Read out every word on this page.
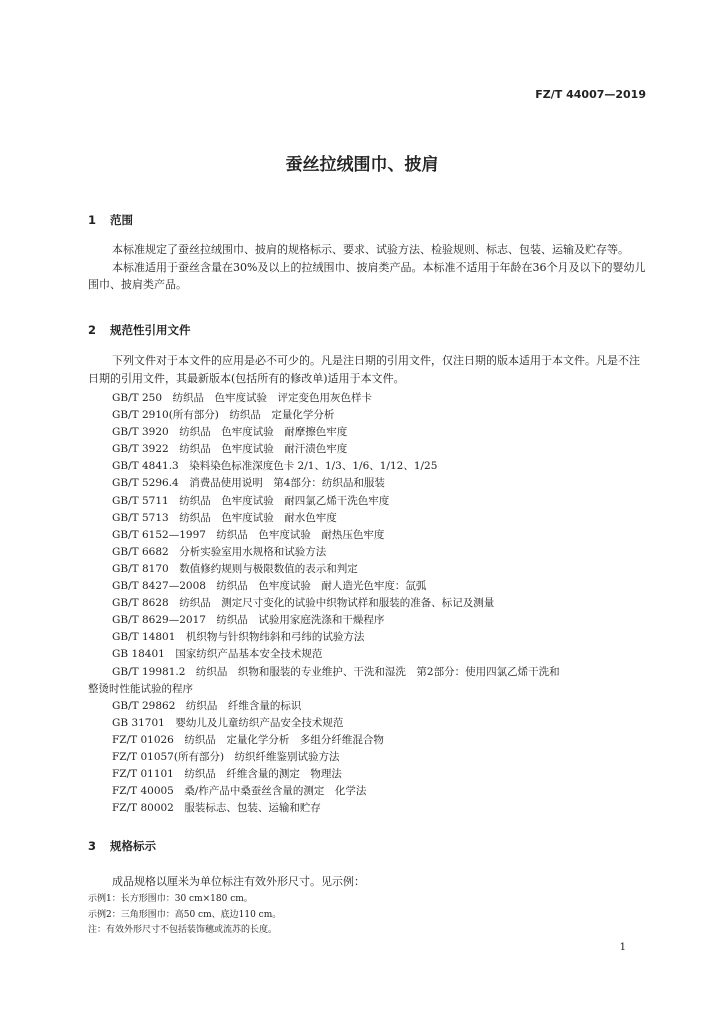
FZ/T 44007—2019
蚕丝拉绒围巾、披肩
1 范围

本标准规定了蚕丝拉绒围巾、披肩的规格标示、要求、试验方法、检验规则、标志、包装、运输及贮存等。

本标准适用于蚕丝含量在30%及以上的拉绒围巾、披肩类产品。本标准不适用于年龄在36个月及以下的婴幼儿围巾、披肩类产品。

2 规范性引用文件

下列文件对于本文件的应用是必不可少的。凡是注日期的引用文件，仅注日期的版本适用于本文件。凡是不注日期的引用文件，其最新版本(包括所有的修改单)适用于本文件。

GB/T 250　纺织品　色牢度试验　评定变色用灰色样卡
GB/T 2910(所有部分)　纺织品　定量化学分析
GB/T 3920　纺织品　色牢度试验　耐摩擦色牢度
GB/T 3922　纺织品　色牢度试验　耐汗渍色牢度
GB/T 4841.3　染料染色标准深度色卡 2/1、1/3、1/6、1/12、1/25
GB/T 5296.4　消费品使用说明　第4部分：纺织品和服装
GB/T 5711　纺织品　色牢度试验　耐四氯乙烯干洗色牢度
GB/T 5713　纺织品　色牢度试验　耐水色牢度
GB/T 6152—1997　纺织品　色牢度试验　耐热压色牢度
GB/T 6682　分析实验室用水规格和试验方法
GB/T 8170　数值修约规则与极限数值的表示和判定
GB/T 8427—2008　纺织品　色牢度试验　耐人造光色牢度：氙弧
GB/T 8628　纺织品　测定尺寸变化的试验中织物试样和服装的准备、标记及测量
GB/T 8629—2017　纺织品　试验用家庭洗涤和干燥程序
GB/T 14801　机织物与针织物纬斜和弓纬的试验方法
GB 18401　国家纺织产品基本安全技术规范
GB/T 19981.2　纺织品　织物和服装的专业维护、干洗和湿洗　第2部分：使用四氯乙烯干洗和
整烫时性能试验的程序
GB/T 29862　纺织品　纤维含量的标识
GB 31701　婴幼儿及儿童纺织产品安全技术规范
FZ/T 01026　纺织品　定量化学分析　多组分纤维混合物
FZ/T 01057(所有部分)　纺织纤维鉴别试验方法
FZ/T 01101　纺织品　纤维含量的测定　物理法
FZ/T 40005　桑/柞产品中桑蚕丝含量的测定　化学法
FZ/T 80002　服装标志、包装、运输和贮存
3 规格标示

成品规格以厘米为单位标注有效外形尺寸。见示例：

示例1：长方形围巾：30 cm×180 cm。

示例2：三角形围巾：高50 cm、底边110 cm。

注：有效外形尺寸不包括装饰穗或流苏的长度。

1
